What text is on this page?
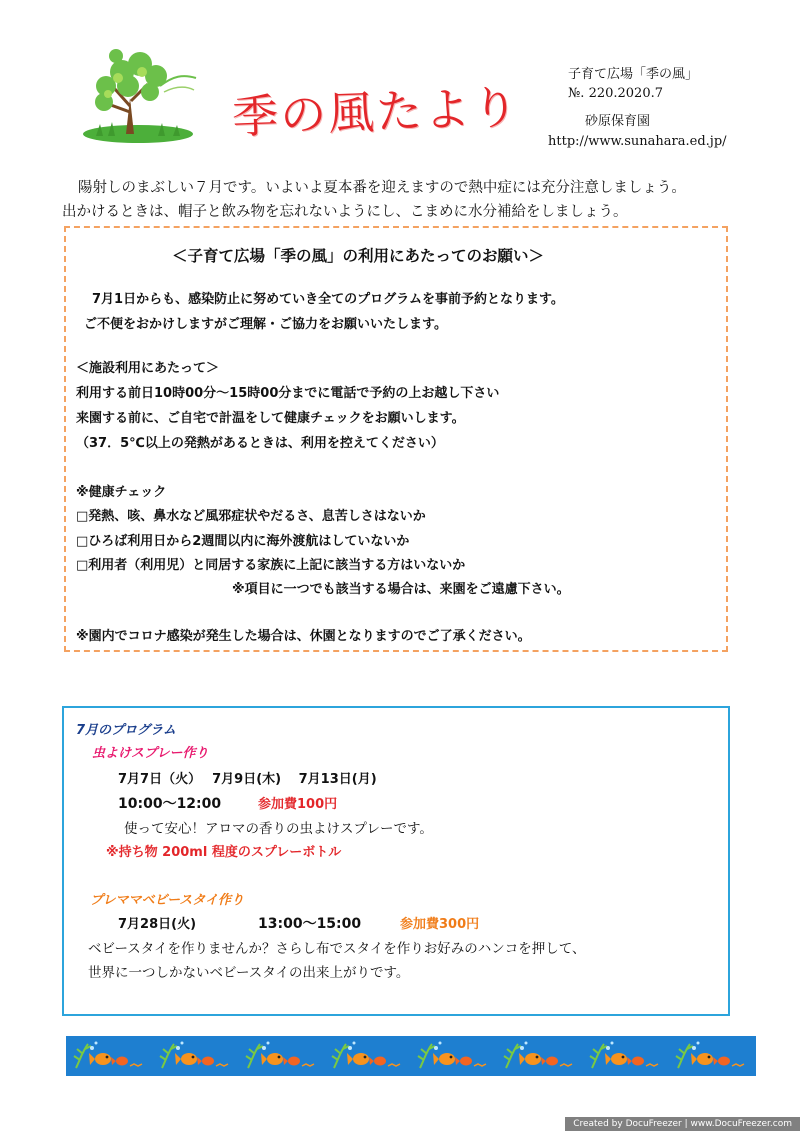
季の風たより
子育て広場「季の風」
№. 220.2020.7
砂原保育園
http://www.sunahara.ed.jp/
陽射しのまぶしい７月です。いよいよ夏本番を迎えますので熱中症には充分注意しましょう。
出かけるときは、帽子と飲み物を忘れないようにし、こまめに水分補給をしましょう。
＜子育て広場「季の風」の利用にあたってのお願い＞
7月1日からも、感染防止に努めていき全てのプログラムを事前予約となります。
ご不便をおかけしますがご理解・ご協力をお願いいたします。
＜施設利用にあたって＞
利用する前日10時00分～15時00分までに電話で予約の上お越し下さい
来園する前に、ご自宅で計温をして健康チェックをお願いします。
（37．5℃以上の発熱があるときは、利用を控えてください）
※健康チェック
□発熱、咳、鼻水など風邪症状やだるさ、息苦しさはないか
□ひろば利用日から2週間以内に海外渡航はしていないか
□利用者（利用児）と同居する家族に上記に該当する方はいないか
※項目に一つでも該当する場合は、来園をご遠慮下さい。
※園内でコロナ感染が発生した場合は、休園となりますのでご了承ください。
7月のプログラム
虫よけスプレー作り
7月7日（火）　 7月9日(木)　 7月13日(月)
10:00～12:00	参加費100円
使って安心！アロマの香りの虫よけスプレーです。
※持ち物 200ml 程度のスプレーボトル
プレママベビースタイ作り
7月28日(火)	13:00～15:00	参加費300円
ベビースタイを作りませんか？さらし布でスタイを作りお好みのハンコを押して、
世界に一つしかないベビースタイの出来上がりです。
Created by DocuFreezer | www.DocuFreezer.com
